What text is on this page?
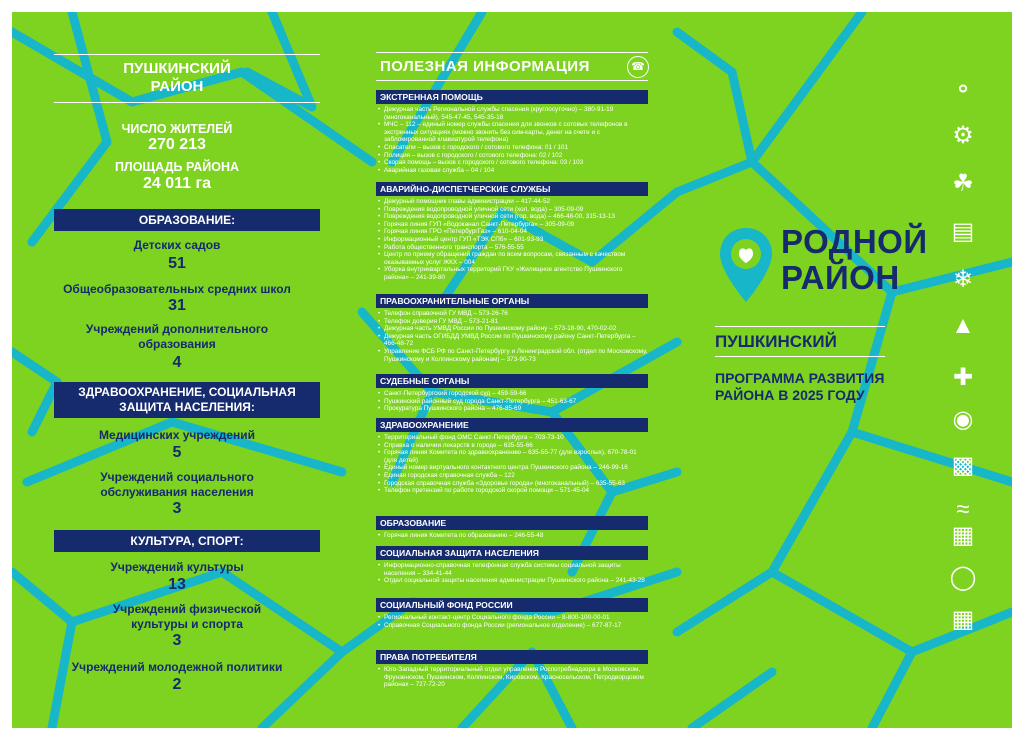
ПУШКИНСКИЙ
РАЙОН
ЧИСЛО ЖИТЕЛЕЙ
270 213
ПЛОЩАДЬ РАЙОНА
24 011 га
ОБРАЗОВАНИЕ:
Детских садов
51
Общеобразовательных средних школ
31
Учреждений дополнительного образования
4
ЗДРАВООХРАНЕНИЕ, СОЦИАЛЬНАЯ ЗАЩИТА НАСЕЛЕНИЯ:
Медицинских учреждений
5
Учреждений социального обслуживания населения
3
КУЛЬТУРА, СПОРТ:
Учреждений культуры
13
Учреждений физической культуры и спорта
3
Учреждений молодежной политики
2
ПОЛЕЗНАЯ ИНФОРМАЦИЯ	☎
ЭКСТРЕННАЯ ПОМОЩЬ
• Дежурная часть Региональной службы спасения (круглосуточно) – 380-91-19 (многоканальный), 545-47-45, 545-35-18
• МЧС – 112 – единый номер службы спасения для звонков с сотовых телефонов в экстренных ситуациях (можно звонить без сим-карты, денег на счете и с заблокированной клавиатурой телефона)
• Спасатели – вызов с городского / сотового телефона: 01 / 101
• Полиция – вызов с городского / сотового телефона: 02 / 102
• Скорая помощь – вызов с городского / сотового телефона: 03 / 103
• Аварийная газовая служба – 04 / 104
АВАРИЙНО-ДИСПЕТЧЕРСКИЕ СЛУЖБЫ
• Дежурный помощник главы администрации – 417-44-52
• Повреждения водопроводной уличной сети (хол. вода) – 305-09-09
• Повреждения водопроводной уличной сети (гор. вода) – 466-48-00, 315-13-13
• Горячая линия ГУП «Водоканал Санкт-Петербурга» – 305-09-09
• Горячая линия ГРО «ПетербургГаз» – 610-04-04
• Информационный центр ГУП «ТЭК СПб» – 601-93-93
• Работа общественного транспорта – 576-55-55
• Центр по приему обращений граждан по всем вопросам, связанным с качеством оказываемых услуг ЖКХ – 004
• Уборка внутриквартальных территорий ГКУ «Жилищное агентство Пушкинского района» – 241-39-80
ПРАВООХРАНИТЕЛЬНЫЕ ОРГАНЫ
• Телефон справочной ГУ МВД – 573-26-76
• Телефон доверия ГУ МВД – 573-21-81
• Дежурная часть УМВД России по Пушкинскому району – 573-18-90, 470-02-02
• Дежурная часть ОГИБДД УМВД России по Пушкинскому району Санкт-Петербурга – 466-48-72
• Управление ФСБ РФ по Санкт-Петербургу и Ленинградской обл. (отдел по Московскому, Пушкинскому и Колпинскому районам) – 373-90-73
СУДЕБНЫЕ ОРГАНЫ
• Санкт-Петербургский городской суд – 459-59-66
• Пушкинский районный суд города Санкт-Петербурга – 451-63-67
• Прокуратура Пушкинского района – 476-85-69
ЗДРАВООХРАНЕНИЕ
• Территориальный фонд ОМС Санкт-Петербурга – 703-73-10
• Справка о наличии лекарств в городе – 635-55-66
• Горячая линия Комитета по здравоохранению – 635-55-77 (для взрослых), 670-78-01 (для детей)
• Единый номер виртуального контактного центра Пушкинского района – 246-99-16
• Единая городская справочная служба – 122
• Городская справочная служба «Здоровье города» (многоканальный) – 635-55-63
• Телефон претензий по работе городской скорой помощи – 571-45-04
ОБРАЗОВАНИЕ
• Горячая линия Комитета по образованию – 246-55-48
СОЦИАЛЬНАЯ ЗАЩИТА НАСЕЛЕНИЯ
• Информационно-справочная телефонная служба системы социальной защиты населения – 334-41-44
• Отдел социальной защиты населения администрации Пушкинского района – 241-43-28
СОЦИАЛЬНЫЙ ФОНД РОССИИ
• Региональный контакт-центр Социального фонда России – 8-800-100-00-01
• Справочная Социального фонда России (региональное отделение) – 677-87-17
ПРАВА ПОТРЕБИТЕЛЯ
• Юго-Западный территориальный отдел управления Роспотребнадзора в Московском, Фрунзенском, Пушкинском, Колпинском, Кировском, Красносельском, Петродворцовом районах – 727-72-20
РОДНОЙ
РАЙОН
ПУШКИНСКИЙ
ПРОГРАММА РАЗВИТИЯ РАЙОНА В 2025 ГОДУ
⚬
⚙
☘
▤
❄
▲
✚
◉
▩
≈
▦
◯
▦
